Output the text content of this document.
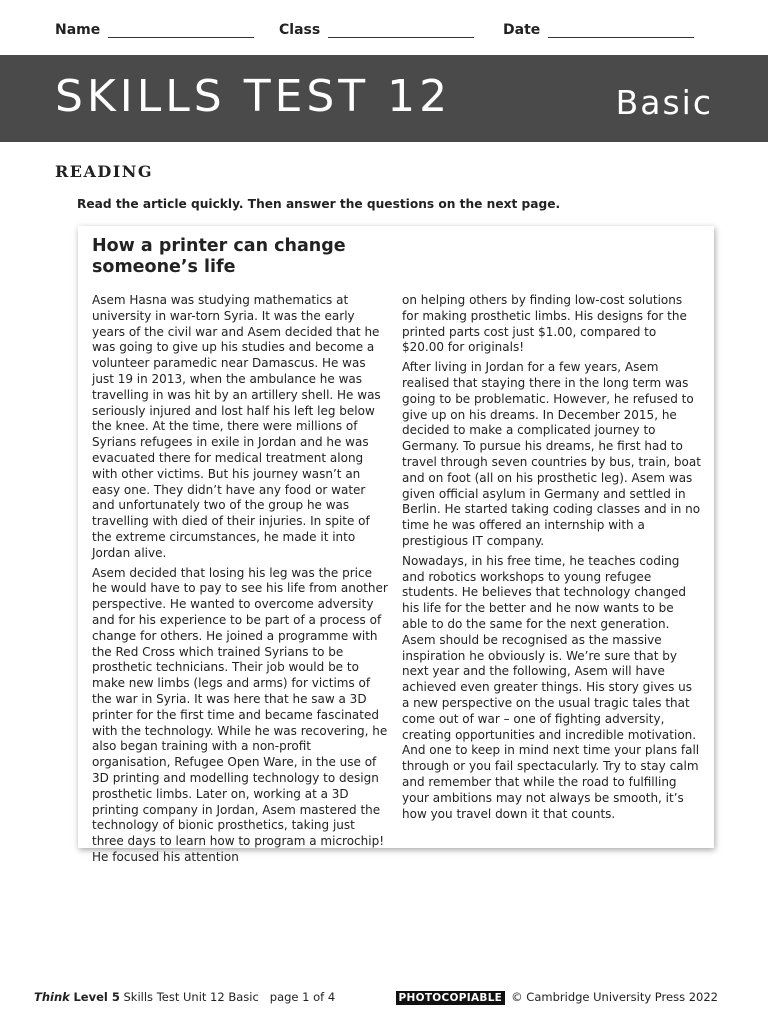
Name	Class	Date
SKILLS TEST 12	Basic
READING
Read the article quickly. Then answer the questions on the next page.
How a printer can change
someone’s life

Asem Hasna was studying mathematics at university in war-torn Syria. It was the early years of the civil war and Asem decided that he was going to give up his studies and become a volunteer paramedic near Damascus. He was just 19 in 2013, when the ambulance he was travelling in was hit by an artillery shell. He was seriously injured and lost half his left leg below the knee. At the time, there were millions of Syrians refugees in exile in Jordan and he was evacuated there for medical treatment along with other victims. But his journey wasn’t an easy one. They didn’t have any food or water and unfortunately two of the group he was travelling with died of their injuries. In spite of the extreme circumstances, he made it into Jordan alive.

Asem decided that losing his leg was the price he would have to pay to see his life from another perspective. He wanted to overcome adversity and for his experience to be part of a process of change for others. He joined a programme with the Red Cross which trained Syrians to be prosthetic technicians. Their job would be to make new limbs (legs and arms) for victims of the war in Syria. It was here that he saw a 3D printer for the first time and became fascinated with the technology. While he was recovering, he also began training with a non-profit organisation, Refugee Open Ware, in the use of 3D printing and modelling technology to design prosthetic limbs. Later on, working at a 3D printing company in Jordan, Asem mastered the technology of bionic prosthetics, taking just three days to learn how to program a microchip! He focused his attention

on helping others by finding low-cost solutions for making prosthetic limbs. His designs for the printed parts cost just $1.00, compared to $20.00 for originals!

After living in Jordan for a few years, Asem realised that staying there in the long term was going to be problematic. However, he refused to give up on his dreams. In December 2015, he decided to make a complicated journey to Germany. To pursue his dreams, he first had to travel through seven countries by bus, train, boat and on foot (all on his prosthetic leg). Asem was given official asylum in Germany and settled in Berlin. He started taking coding classes and in no time he was offered an internship with a prestigious IT company.

Nowadays, in his free time, he teaches coding and robotics workshops to young refugee students. He believes that technology changed his life for the better and he now wants to be able to do the same for the next generation. Asem should be recognised as the massive inspiration he obviously is. We’re sure that by next year and the following, Asem will have achieved even greater things. His story gives us a new perspective on the usual tragic tales that come out of war – one of fighting adversity, creating opportunities and incredible motivation. And one to keep in mind next time your plans fall through or you fail spectacularly. Try to stay calm and remember that while the road to fulfilling your ambitions may not always be smooth, it’s how you travel down it that counts.

Think Level 5 Skills Test Unit 12 Basic page 1 of 4	PHOTOCOPIABLE © Cambridge University Press 2022
